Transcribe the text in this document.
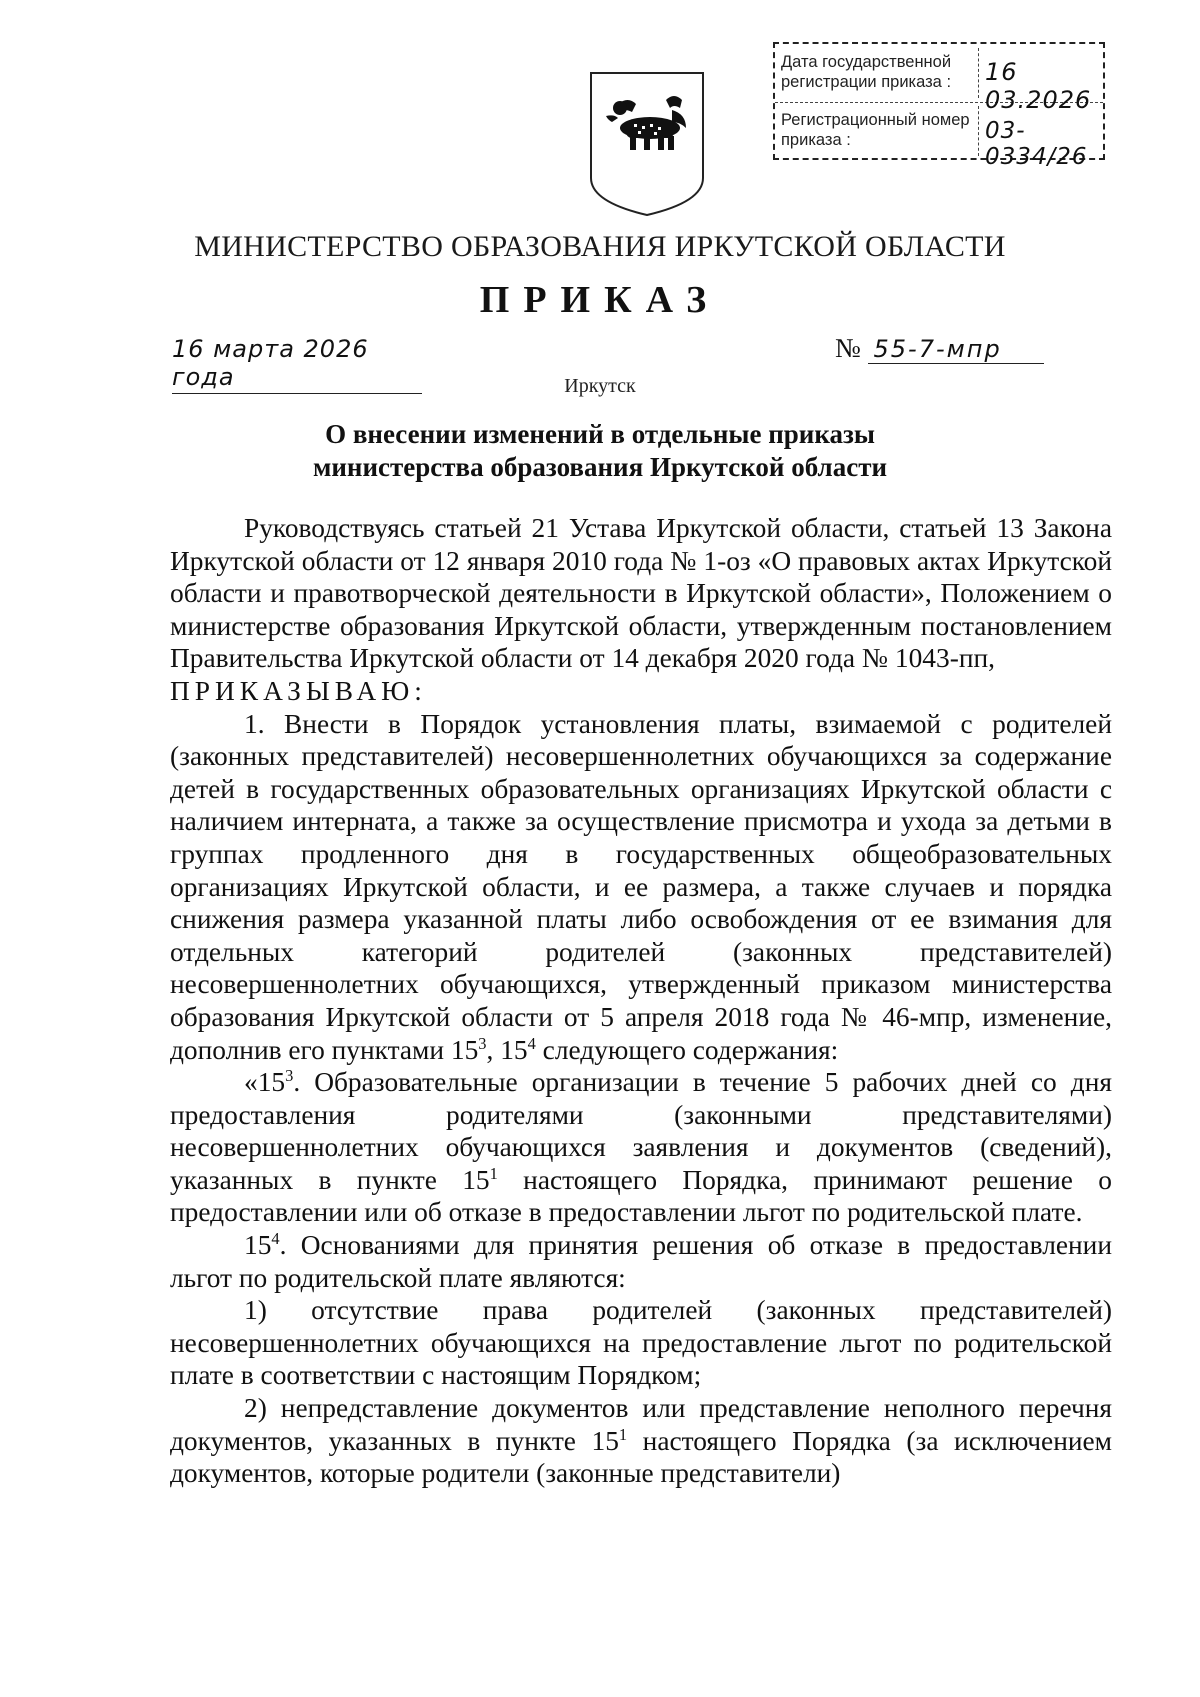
Дата государственной регистрации приказа :	16 03.2026
Регистрационный номер приказа :	03-0334/26
МИНИСТЕРСТВО ОБРАЗОВАНИЯ ИРКУТСКОЙ ОБЛАСТИ
ПРИКАЗ
16 марта 2026 года
№ 55-7-мпр
Иркутск
О внесении изменений в отдельные приказы
министерства образования Иркутской области

Руководствуясь статьей 21 Устава Иркутской области, статьей 13 Закона Иркутской области от 12 января 2010 года № 1-оз «О правовых актах Иркутской области и правотворческой деятельности в Иркутской области», Положением о министерстве образования Иркутской области, утвержденным постановлением Правительства Иркутской области от 14 декабря 2020 года № 1043-пп,

ПРИКАЗЫВАЮ:

1. Внести в Порядок установления платы, взимаемой с родителей (законных представителей) несовершеннолетних обучающихся за содержание детей в государственных образовательных организациях Иркутской области с наличием интерната, а также за осуществление присмотра и ухода за детьми в группах продленного дня в государственных общеобразовательных организациях Иркутской области, и ее размера, а также случаев и порядка снижения размера указанной платы либо освобождения от ее взимания для отдельных категорий родителей (законных представителей) несовершеннолетних обучающихся, утвержденный приказом министерства образования Иркутской области от 5 апреля 2018 года № 46-мпр, изменение, дополнив его пунктами $15^3$, $15^4$ следующего содержания:

«$15^3$. Образовательные организации в течение 5 рабочих дней со дня предоставления родителями (законными представителями) несовершеннолетних обучающихся заявления и документов (сведений), указанных в пункте $15^1$ настоящего Порядка, принимают решение о предоставлении или об отказе в предоставлении льгот по родительской плате.

$15^4$. Основаниями для принятия решения об отказе в предоставлении льгот по родительской плате являются:

1) отсутствие права родителей (законных представителей) несовершеннолетних обучающихся на предоставление льгот по родительской плате в соответствии с настоящим Порядком;

2) непредставление документов или представление неполного перечня документов, указанных в пункте $15^1$ настоящего Порядка (за исключением документов, которые родители (законные представители)
